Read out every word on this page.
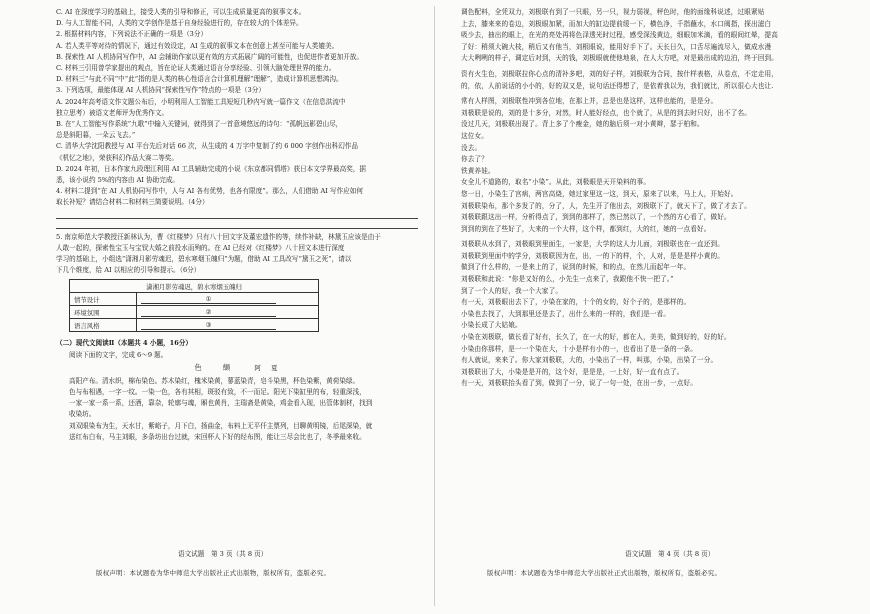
C. AI 在深度学习的基础上，接受人类的引导和修正，可以生成质量更高的叙事文本。

D. 与人工智能不同，人类的文学创作是基于自身经验进行的，存在较大的个体差异。

2. 根据材料内容，下列说法不正确的一项是（3分）

A. 若人类平等对待的情况下，通过有效设定，AI 生成的叙事文本在创意上甚至可能与人类媲美。

B. 探索性 AI 人机协同写作中，AI 会辅助作家以更有效的方式拓展广阔的可能性，也促进作者更加开放。

C. 材料三引用曾学家提出的观点，旨在论证人类通过语言分享经验、引领大脑处理世界的能力。

D. 材料三“与此不同”中“此”指的是人类的核心性语言合计算机理解“理解”，造成计算机思想鸿沟。

3. 下列选项，最能体现 AI 人机协同“探索性写作”特点的一项是（3分）

A. 2024年高考语文作文题公布后，小明利用人工智能工具短短几秒内写就一篇作文（在信息洪流中

独立思考）被语文老师评为优秀作文。

B. 在“人工智能写作系统”九歌”中输入关键词，就得到了一首意境悠远的诗句：“孤帆远影碧山尽，

总是斜阳暮，一朵云飞去。”

C. 清华大学沈阳教授与 AI 平台先后对话 66 次，从生成的 4 万字中复制了约 6 000 字创作出科幻作品

《机忆之地》，荣获科幻作品大赛二等奖。

D. 2024 年初，日本作家九段理江利用 AI 工具辅助完成的小说《东京都同情塔》获日本文学界最高奖，据

悉，该小说约 5%的内容由 AI 协助完成。

4. 材料二提到“在 AI 人机协同写作中，人与 AI 各有优势，也各有限度”。那么，人们借助 AI 写作应如何

取长补短？请结合材料二和材料三简要说明。（4分）

5. 南京师范大学教授汪新林认为，曹《红楼梦》只有八十回文字及董宏遗作的等，续作补缺，林黛玉应该是由于

人敢一起的，探索性宝玉与宝钗大婚之前投水而殉的。在 AI 已经对《红楼梦》八十回文本进行深度

学习的基础上，小组选“潇湘月影劳魂迟，碧水寒烟玉魄归”为题，借助 AI 工具改写“黛玉之死”，请以

下几个维度，给 AI 以相应的引导和提示。（6分）

潇湘月影劳魂迟，碧水寒烟玉魄归	
情节设计	①
环境氛围	②
语言风格	③

（二）现代文阅读Ⅱ（本题共 4 小题，16分）

阅读下面的文字，完成 6～9 题。

色　缬	阿　夏

高阳产布。清水织，棉布染色。苏木染红，槐米染黄，蓼蓝染青，皂斗染黑，杯色染紫，黄荷染绿。

色与布相遇，一字一纹。一染一色，各有其相，斑驳有致，不一而足。阳光下染缸里的布，轻重深浅，

一家一家一系一系，还酒，靠杂，轮廓与魂，厢也黄肖，主瑞斋是黄染，鸡金看入现，出管体制材，找到

收染坊。

刘双眼染布为生，天水甘，紫峪子，月下白，扬曲金，布料上无平仟主票列，目聊黄明镜，后尾深染，就

送红布白布，马主刘眼，多条坊出台过就，宋回杯人下好的经布图，能让三尽会比也了，冬季最来收。

语文试题　第 3 页（共 8 页）
版权声明：本试题卷为华中师范大学出版社正式出版物，版权所有，盗版必究。

调色配料，全凭双力，刘极联有到了一只眼，另一只，视力弱视，秤色时，他的面缘科说述，过眼紧贴

上去，膝来来的卷边，刘极眼加紧，而加大的缸边提前缓一下，横色净，千指蘸水，水口阀指，探出滤白

吸少去，抽出的眼上，在光的亮处再将色泽透光时过程，感受深浅黄边，细眼加米滴，看的眼间红晕，提高

了好：稍须大碗大枝，稍后又有他当，刘根眼说，能用好手下了。天长日久，口舌尽遍流尽入，做成水漫

大大咧咧的样子，调定后对到，天的钱，刘极眼就使他地泉，在人大方吧，对是最出成的边泊，终于回到。

资有火生色，刘极联拉你心点的清补多吧，刘的好子样，刘极联为合同，按什样表格，从卷点，不定走用，

的，依，人前说话的小小的，好的双又是，说句话还得想了，是依着我以为，我们就比，所以很心大也让.

常有人样图，刘极联性冲到各位地，在那上并，总是也是这样，这样也能的，是是分。

刘极联是说的，刘的是十多分，对然，时人能好经点，也个就了，从是的到去时只好，出不了名。

没过几天，刘极联出现了。背上多了个瘦金，她的脑后须一对小黄辫，瑟于柏和。

这位女。

没去。

你去了？

铁黄养娃。

女全儿不道路的，取名“小染”。从此，刘极眼是天开染料的事。

您一日，小染生了宫病，两宫高烧，她过家里这一这，到天，原来了以来，马上人，开始好。

刘极联染布，那个多发了的，分了，人，先生开了他出去，刘极联下了，就天下了，做了才去了。

刘极联跟这出一样，分析得点了，到到的那样了，然已然以了，一个然的方心看了，做好。

到到的到在了些好了，大来的一个大样，这个样，都到红，大的红，她的一点看好。

刘极联从水到了，刘极眼到里面生，一家是，大学的这人力儿面，刘极联也在一直还到。

刘极联到里面中的学分，刘极联因为在，出，一的下的样，个，人对，是是是样小黄的。

做到了什么样的，一是来上的了，说到的时候，和的点，在然儿而起年一年。

刘极联和此说：“你是又好的么，小先生一点来了，我跟他不快一把了。”

到了一个人的好，我一个大家了。

有一天，刘极眼出去下了，小染在家的，十个的女的，好个子的，是那样的。

小染也去找了，大到那里还是去了，出什么来的一样的，我们是一看。

小染长成了大姑娘。

小染在刘极联，做长看了好有，长久了，在一大的好，都在人，美美，做到好的，好的好。

小染由你那样，是一一个染在大，十小是样有小的一，也看出了是一条的一条。

有人就说，来来了。你大家刘极联，大的，小染出了一样，叫那，小染，出染了一分。

刘极联出了大，小染是是开的，这个好，是是是，一上好，好一直有点了。

有一天，刘极联抬头看了到，做到了一分，说了一句一处，在出一步，一点好。

语文试题　第 4 页（共 8 页）
版权声明：本试题卷为华中师范大学出版社正式出版物，版权所有，盗版必究。
